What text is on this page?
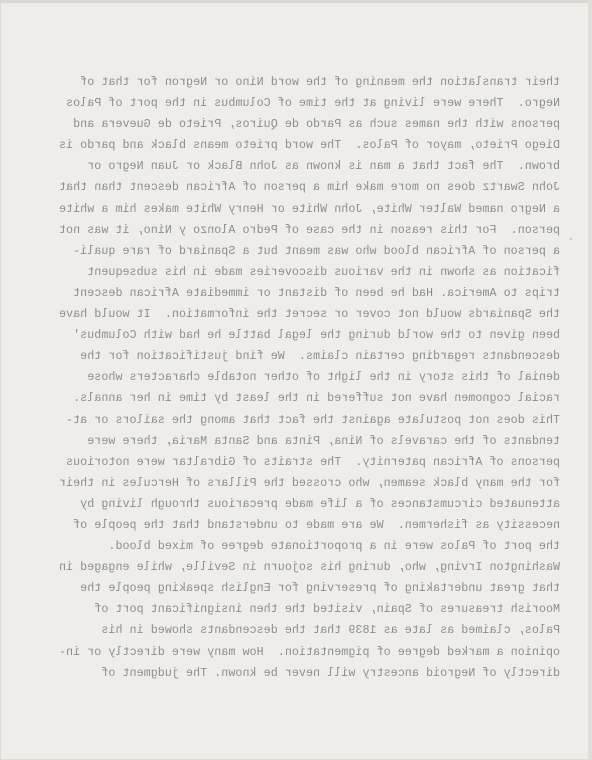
their translation the meaning of the word Nino or Negron for that of
Negro.  There were living at the time of Columbus in the port of Palos
persons with the names such as Pardo de Quiros, Prieto de Guevera and
Diego Prieto, mayor of Palos.  The word prieto means black and pardo is
brown.  The fact that a man is known as John Black or Juan Negro or
John Swartz does no more make him a person of African descent than that
a Negro named Walter White, John White or Henry White makes him a white
person.  For this reason in the case of Pedro Alonzo y Nino, it was not
a person of African blood who was meant but a Spaniard of rare quali-
fication as shown in the various discoveries made in his subsequent
trips to America. Had he been of distant or immediate African descent
the Spaniards would not cover or secret the information.  It would have
been given to the world during the legal battle he had with Columbus'
descendants regarding certain claims.  We find justification for the
denial of this story in the light of other notable characters whose
racial cognomen have not suffered in the least by time in her annals.
This does not postulate against the fact that among the sailors or at-
tendants of the caravels of Nina, Pinta and Santa Maria, there were
persons of African paternity.  The straits of Gibraltar were notorious
for the many black seamen, who crossed the Pillars of Hercules in their
attenuated circumstances of a life made precarious through living by
necessity as fishermen.  We are made to understand that the people of
the port of Palos were in a proportionate degree of mixed blood.
Washington Irving, who, during his sojourn in Seville, while engaged in
that great undertaking of preserving for English speaking people the
Moorish treasures of Spain, visited the then insignificant port of
Palos, claimed as late as 1839 that the descendants showed in his
opinion a marked degree of pigmentation.  How many were directly or in-
directly of Negroid ancestry will never be known. The judgment of
